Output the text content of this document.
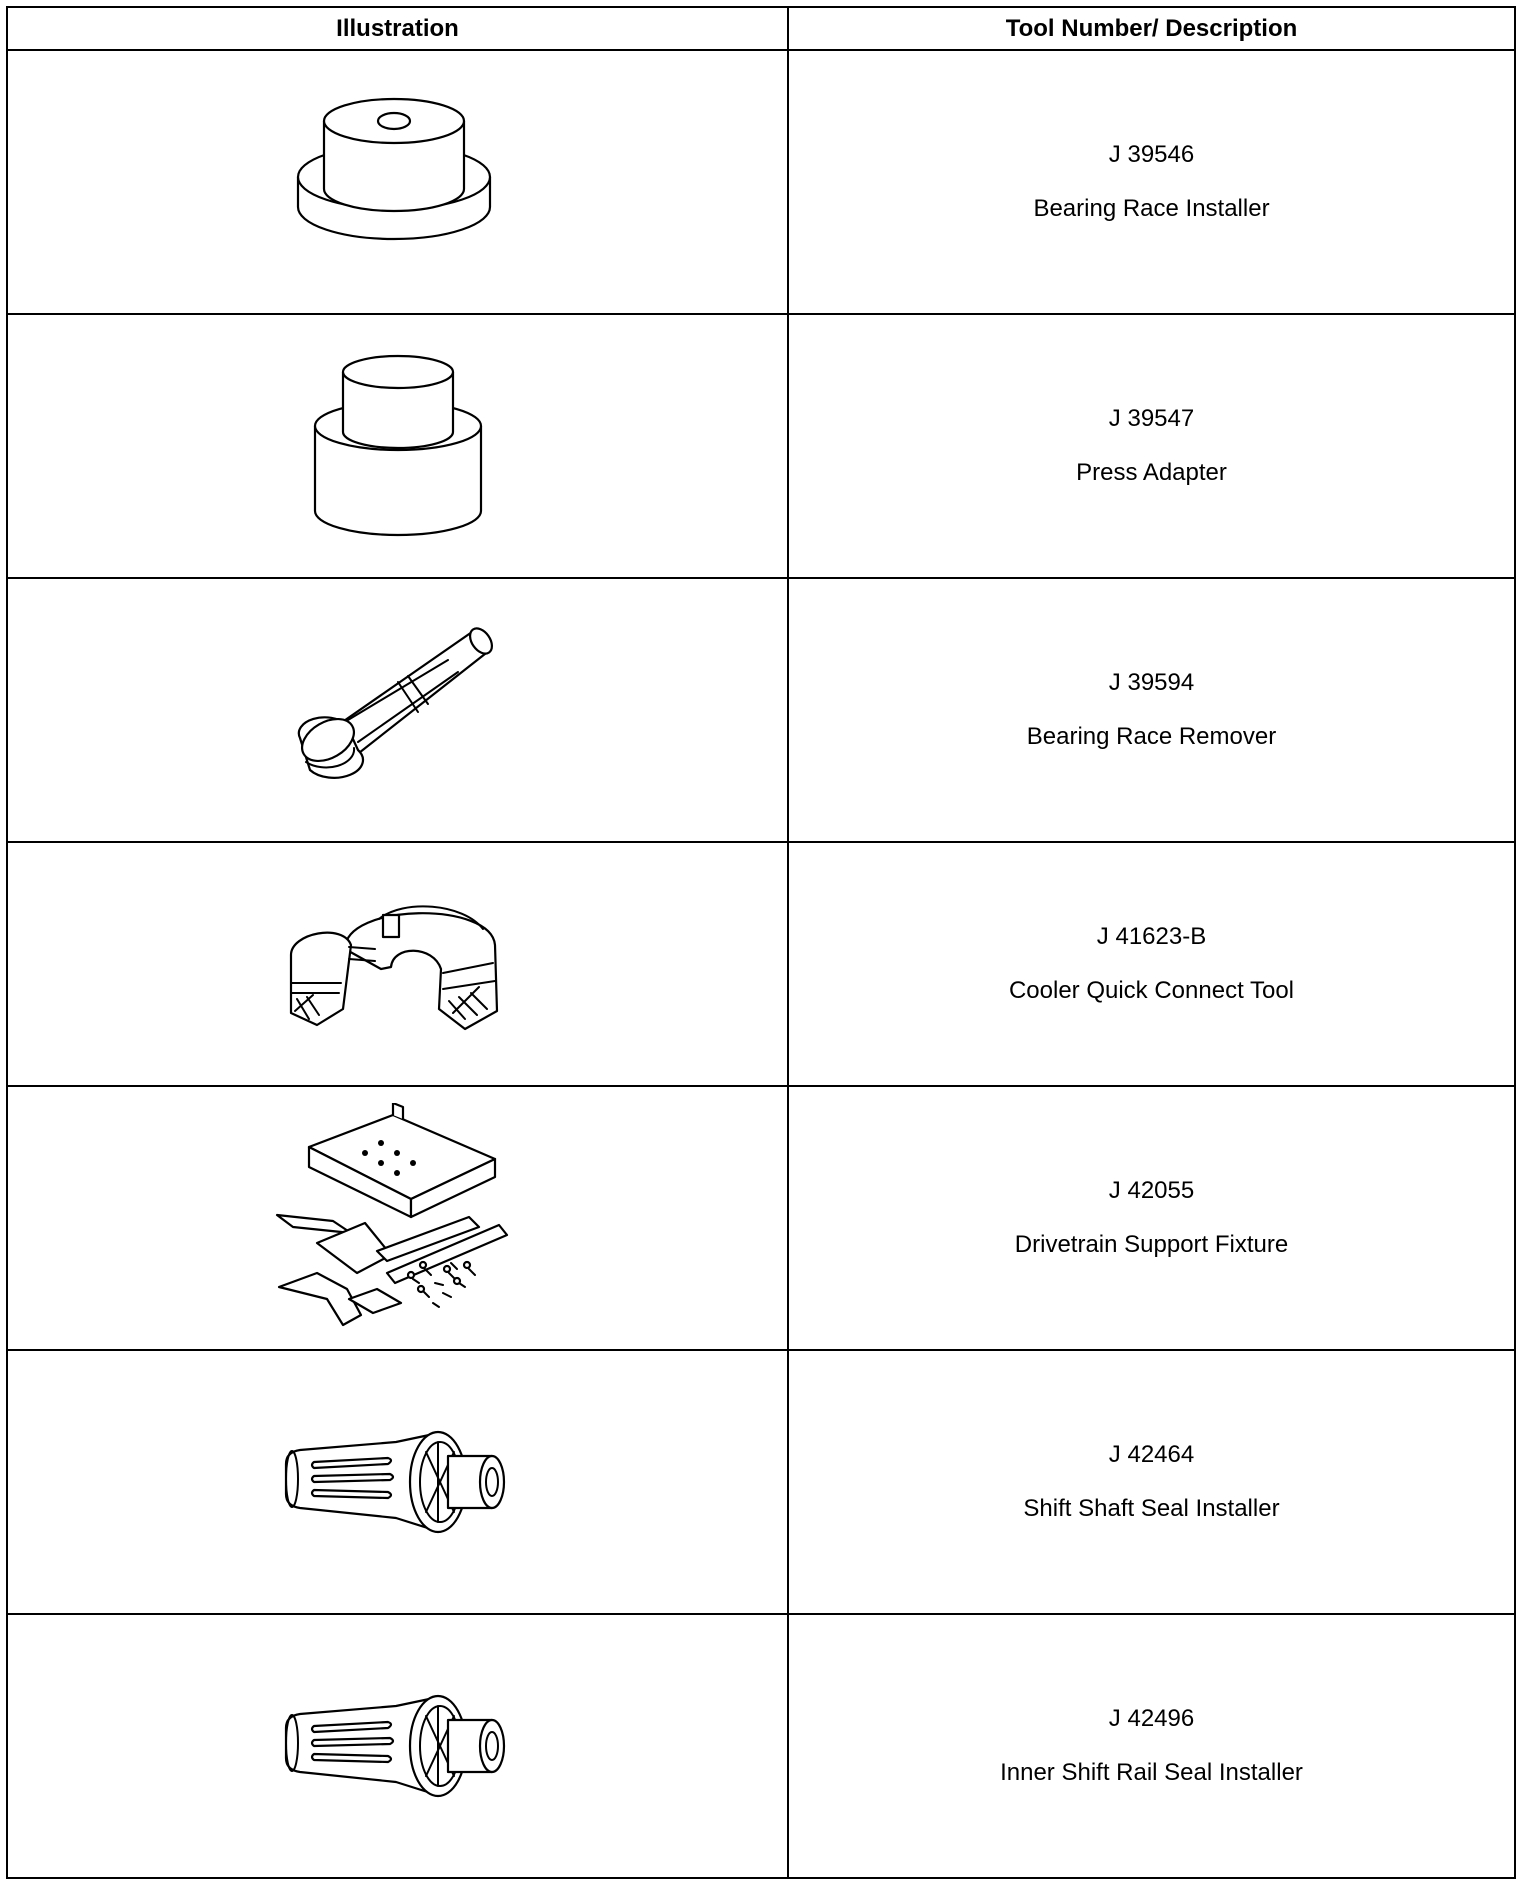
Illustration	Tool Number/ Description

J 39546
Bearing Race Installer

J 39547
Press Adapter

J 39594
Bearing Race Remover

J 41623-B
Cooler Quick Connect Tool

J 42055
Drivetrain Support Fixture

J 42464
Shift Shaft Seal Installer

J 42496
Inner Shift Rail Seal Installer
